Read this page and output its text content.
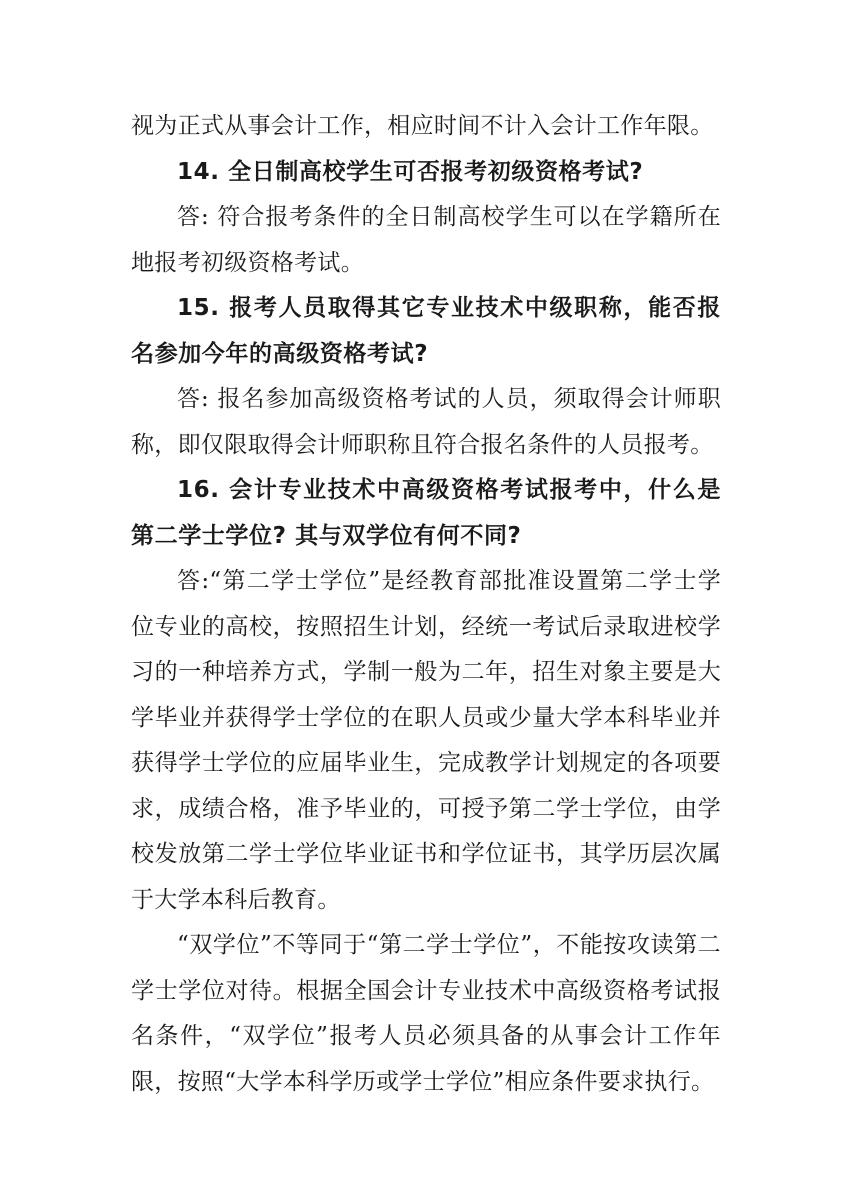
视为正式从事会计工作，相应时间不计入会计工作年限。

14. 全日制高校学生可否报考初级资格考试?

答: 符合报考条件的全日制高校学生可以在学籍所在地报考初级资格考试。

15. 报考人员取得其它专业技术中级职称，能否报名参加今年的高级资格考试?

答: 报名参加高级资格考试的人员，须取得会计师职称，即仅限取得会计师职称且符合报名条件的人员报考。

16. 会计专业技术中高级资格考试报考中，什么是第二学士学位? 其与双学位有何不同?

答:“第二学士学位”是经教育部批准设置第二学士学位专业的高校，按照招生计划，经统一考试后录取进校学习的一种培养方式，学制一般为二年，招生对象主要是大学毕业并获得学士学位的在职人员或少量大学本科毕业并获得学士学位的应届毕业生，完成教学计划规定的各项要求，成绩合格，准予毕业的，可授予第二学士学位，由学校发放第二学士学位毕业证书和学位证书，其学历层次属于大学本科后教育。

“双学位”不等同于“第二学士学位”，不能按攻读第二学士学位对待。根据全国会计专业技术中高级资格考试报名条件，“双学位”报考人员必须具备的从事会计工作年限，按照“大学本科学历或学士学位”相应条件要求执行。
